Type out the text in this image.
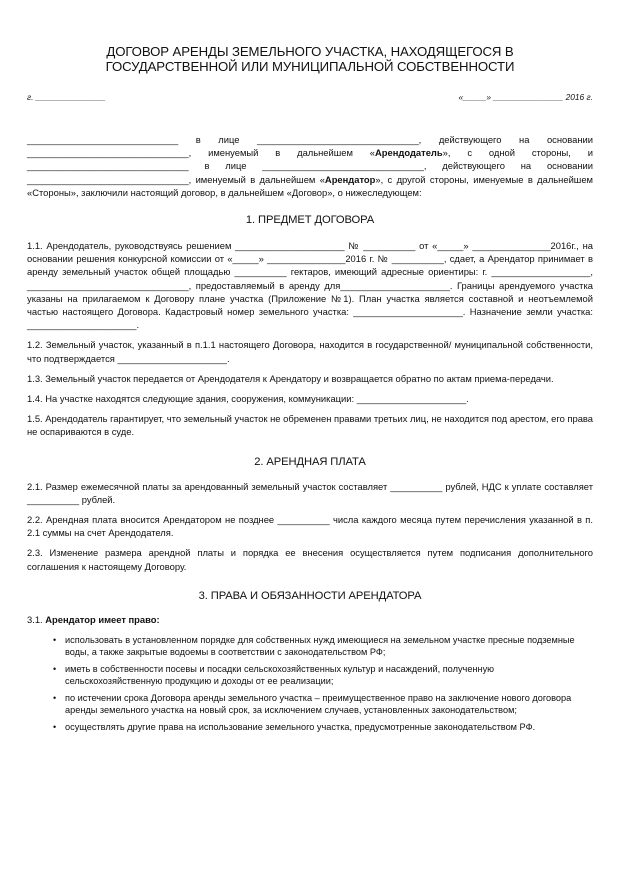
ДОГОВОР АРЕНДЫ ЗЕМЕЛЬНОГО УЧАСТКА, НАХОДЯЩЕГОСЯ В
ГОСУДАРСТВЕННОЙ ИЛИ МУНИЦИПАЛЬНОЙ СОБСТВЕННОСТИ
г. _______________	«_____» _______________ 2016 г.

_____________________________ в лице _______________________________, действующего на основании _______________________________, именуемый в дальнейшем «Арендодатель», с одной стороны, и _______________________________ в лице _______________________________, действующего на основании _______________________________, именуемый в дальнейшем «Арендатор», с другой стороны, именуемые в дальнейшем «Стороны», заключили настоящий договор, в дальнейшем «Договор», о нижеследующем:

1. ПРЕДМЕТ ДОГОВОРА

1.1. Арендодатель, руководствуясь решением _____________________ № __________ от «_____» _______________2016г., на основании решения конкурсной комиссии от «_____» _______________2016 г. № __________, сдает, а Арендатор принимает в аренду земельный участок общей площадью __________ гектаров, имеющий адресные ориентиры: г. ___________________, _______________________________, предоставляемый в аренду для_____________________. Границы арендуемого участка указаны на прилагаемом к Договору плане участка (Приложение №1). План участка является составной и неотъемлемой частью настоящего Договора. Кадастровый номер земельного участка: _____________________. Назначение земли участка: _____________________.

1.2. Земельный участок, указанный в п.1.1 настоящего Договора, находится в государственной/ муниципальной собственности, что подтверждается _____________________.

1.3. Земельный участок передается от Арендодателя к Арендатору и возвращается обратно по актам приема-передачи.

1.4. На участке находятся следующие здания, сооружения, коммуникации: _____________________.

1.5. Арендодатель гарантирует, что земельный участок не обременен правами третьих лиц, не находится под арестом, его права не оспариваются в суде.

2. АРЕНДНАЯ ПЛАТА

2.1. Размер ежемесячной платы за арендованный земельный участок составляет __________ рублей, НДС к уплате составляет __________ рублей.

2.2. Арендная плата вносится Арендатором не позднее __________ числа каждого месяца путем перечисления указанной в п. 2.1 суммы на счет Арендодателя.

2.3. Изменение размера арендной платы и порядка ее внесения осуществляется путем подписания дополнительного соглашения к настоящему Договору.

3. ПРАВА И ОБЯЗАННОСТИ АРЕНДАТОРА

3.1. Арендатор имеет право:

• использовать в установленном порядке для собственных нужд имеющиеся на земельном участке пресные подземные воды, а также закрытые водоемы в соответствии с законодательством РФ;
• иметь в собственности посевы и посадки сельскохозяйственных культур и насаждений, полученную сельскохозяйственную продукцию и доходы от ее реализации;
• по истечении срока Договора аренды земельного участка – преимущественное право на заключение нового договора аренды земельного участка на новый срок, за исключением случаев, установленных законодательством;
• осуществлять другие права на использование земельного участка, предусмотренные законодательством РФ.
